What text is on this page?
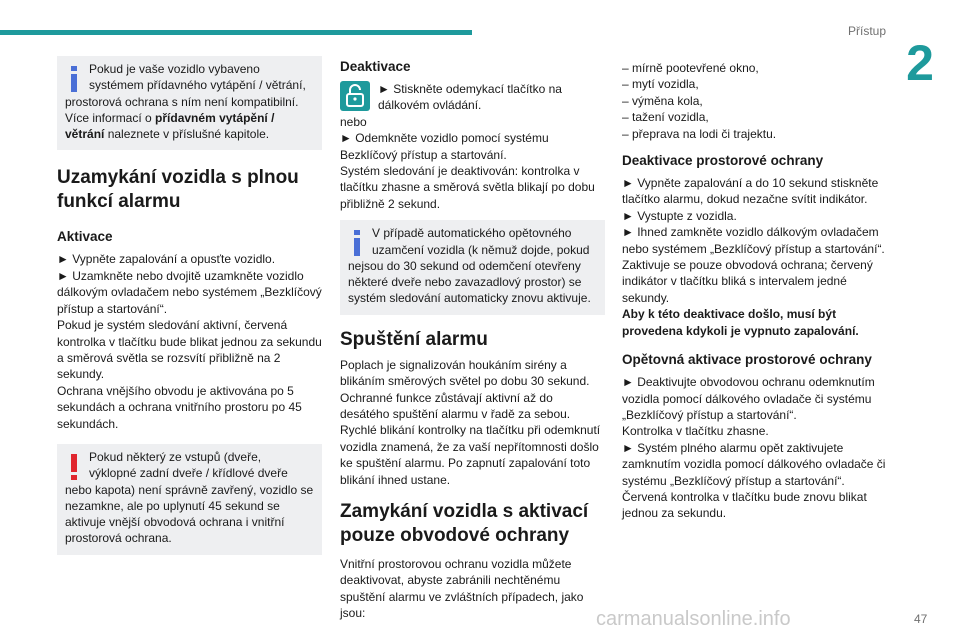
Přístup
2
47

Pokud je vaše vozidlo vybaveno

systémem přídavného vytápění / větrání,

prostorová ochrana s ním není kompatibilní.

Více informací o přídavném vytápění / větrání naleznete v příslušné kapitole.

Uzamykání vozidla s plnou funkcí alarmu
Aktivace

► Vypněte zapalování a opusťte vozidlo.

► Uzamkněte nebo dvojitě uzamkněte vozidlo dálkovým ovladačem nebo systémem „Bezklíčový přístup a startování“.

Pokud je systém sledování aktivní, červená kontrolka v tlačítku bude blikat jednou za sekundu a směrová světla se rozsvítí přibližně na 2 sekundy.

Ochrana vnějšího obvodu je aktivována po 5 sekundách a ochrana vnitřního prostoru po 45 sekundách.

Pokud některý ze vstupů (dveře,

výklopné zadní dveře / křídlové dveře

nebo kapota) není správně zavřený, vozidlo se nezamkne, ale po uplynutí 45 sekund se aktivuje vnější obvodová ochrana i vnitřní prostorová ochrana.

Deaktivace

► Stiskněte odemykací tlačítko na dálkovém ovládání.

nebo

► Odemkněte vozidlo pomocí systému Bezklíčový přístup a startování.

Systém sledování je deaktivován: kontrolka v tlačítku zhasne a směrová světla blikají po dobu přibližně 2 sekund.

V případě automatického opětovného

uzamčení vozidla (k němuž dojde, pokud

nejsou do 30 sekund od odemčení otevřeny některé dveře nebo zavazadlový prostor) se systém sledování automaticky znovu aktivuje.

Spuštění alarmu

Poplach je signalizován houkáním sirény a blikáním směrových světel po dobu 30 sekund.

Ochranné funkce zůstávají aktivní až do desátého spuštění alarmu v řadě za sebou.

Rychlé blikání kontrolky na tlačítku při odemknutí vozidla znamená, že za vaší nepřítomnosti došlo ke spuštění alarmu. Po zapnutí zapalování toto blikání ihned ustane.

Zamykání vozidla s aktivací pouze obvodové ochrany

Vnitřní prostorovou ochranu vozidla můžete deaktivovat, abyste zabránili nechtěnému spuštění alarmu ve zvláštních případech, jako jsou:

– mírně pootevřené okno,

– mytí vozidla,

– výměna kola,

– tažení vozidla,

– přeprava na lodi či trajektu.

Deaktivace prostorové ochrany

► Vypněte zapalování a do 10 sekund stiskněte tlačítko alarmu, dokud nezačne svítit indikátor.

► Vystupte z vozidla.

► Ihned zamkněte vozidlo dálkovým ovladačem nebo systémem „Bezklíčový přístup a startování“.

Zaktivuje se pouze obvodová ochrana; červený indikátor v tlačítku bliká s intervalem jedné sekundy.

Aby k této deaktivace došlo, musí být provedena kdykoli je vypnuto zapalování.

Opětovná aktivace prostorové ochrany

► Deaktivujte obvodovou ochranu odemknutím vozidla pomocí dálkového ovladače či systému „Bezklíčový přístup a startování“.

Kontrolka v tlačítku zhasne.

► Systém plného alarmu opět zaktivujete zamknutím vozidla pomocí dálkového ovladače či systému „Bezklíčový přístup a startování“.

Červená kontrolka v tlačítku bude znovu blikat jednou za sekundu.

carmanualsonline.info
